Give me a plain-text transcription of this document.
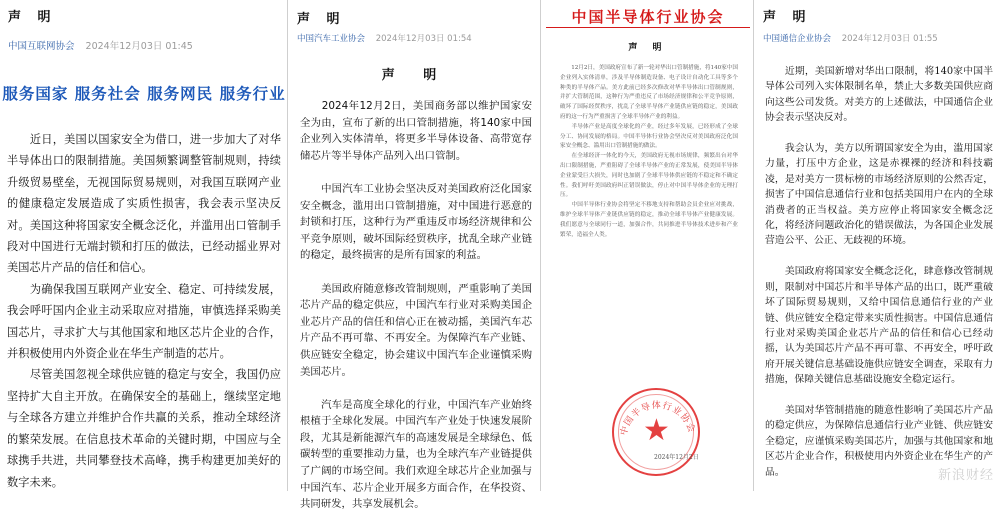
声 明
中国互联网协会 2024年12月03日 01:45
服务国家 服务社会 服务网民 服务行业
　　近日，美国以国家安全为借口，进一步加大了对华半导体出口的限制措施。美国频繁调整管制规则，持续升级贸易壁垒，无视国际贸易规则，对我国互联网产业的健康稳定发展造成了实质性损害，我会表示坚决反对。美国这种将国家安全概念泛化，并滥用出口管制手段对中国进行无端封锁和打压的做法，已经动摇业界对美国芯片产品的信任和信心。
　　为确保我国互联网产业安全、稳定、可持续发展，我会呼吁国内企业主动采取应对措施，审慎选择采购美国芯片，寻求扩大与其他国家和地区芯片企业的合作，并积极使用内外资企业在华生产制造的芯片。
　　尽管美国忽视全球供应链的稳定与安全，我国仍应坚持扩大自主开放。在确保安全的基础上，继续坚定地与全球各方建立并维护合作共赢的关系，推动全球经济的繁荣发展。在信息技术革命的关键时期，中国应与全球携手共进，共同攀登技术高峰，携手构建更加美好的数字未来。
声 明
中国汽车工业协会 2024年12月03日 01:54
声 明
　　2024年12月2日，美国商务部以维护国家安全为由，宣布了新的出口管制措施，将140家中国企业列入实体清单，将更多半导体设备、高带宽存储芯片等半导体产品列入出口管制。

　　中国汽车工业协会坚决反对美国政府泛化国家安全概念，滥用出口管制措施，对中国进行恶意的封锁和打压，这种行为严重违反市场经济规律和公平竞争原则，破坏国际经贸秩序，扰乱全球产业链的稳定，最终损害的是所有国家的利益。

　　美国政府随意修改管制规则，严重影响了美国芯片产品的稳定供应，中国汽车行业对采购美国企业芯片产品的信任和信心正在被动摇，美国汽车芯片产品不再可靠、不再安全。为保障汽车产业链、供应链安全稳定，协会建议中国汽车企业谨慎采购美国芯片。

　　汽车是高度全球化的行业，中国汽车产业始终根植于全球化发展。中国汽车产业处于快速发展阶段，尤其是新能源汽车的高速发展是全球绿色、低碳转型的重要推动力量，也为全球汽车产业链提供了广阔的市场空间。我们欢迎全球芯片企业加强与中国汽车、芯片企业开展多方面合作，在华投资、共同研发，共享发展机会。
中国半导体行业协会
声 明
　　12月2日，美国政府宣布了新一轮对华出口管制措施，将140家中国企业列入实体清单，涉及半导体制造设备、电子设计自动化工具等多个种类的半导体产品。美方此前已经多次修改对华半导体出口管制规则，并扩大管制范围，这种行为严重违反了市场经济规律和公平竞争原则，破坏了国际经贸秩序，扰乱了全球半导体产业链供应链的稳定，美国政府的这一行为严重损害了全球半导体产业的利益。
　　半导体产业是高度全球化的产业，经过多年发展，已经形成了全球分工、协同发展的格局。中国半导体行业协会坚决反对美国政府泛化国家安全概念、滥用出口管制措施的做法。
　　在全球经济一体化的今天，美国政府无视市场规律，频繁出台对华出口限制措施，严重阻碍了全球半导体产业的正常发展，使美国半导体企业蒙受巨大损失，同时也加剧了全球半导体供应链的不稳定和不确定性。我们呼吁美国政府纠正错误做法，停止对中国半导体企业的无理打压。
　　中国半导体行业协会将坚定不移地支持和帮助会员企业应对挑战，维护全球半导体产业链供应链的稳定，推动全球半导体产业健康发展。我们愿意与全球同行一道，加强合作，共同推进半导体技术进步和产业繁荣，造福全人类。
中国半导体行业协会
★
2024年12月2日
声 明
中国通信企业协会 2024年12月03日 01:55
　　近期，美国新增对华出口限制，将140家中国半导体公司列入实体限制名单，禁止大多数美国供应商向这些公司发货。对美方的上述做法，中国通信企业协会表示坚决反对。

　　我会认为，美方以所谓国家安全为由，滥用国家力量，打压中方企业，这是赤裸裸的经济和科技霸凌，是对美方一贯标榜的市场经济原则的公然否定，损害了中国信息通信行业和包括美国用户在内的全球消费者的正当权益。美方应停止将国家安全概念泛化，将经济问题政治化的错误做法，为各国企业发展营造公平、公正、无歧视的环境。

　　美国政府将国家安全概念泛化，肆意修改管制规则，限制对中国芯片和半导体产品的出口，既严重破坏了国际贸易规则，又给中国信息通信行业的产业链、供应链安全稳定带来实质性损害。中国信息通信行业对采购美国企业芯片产品的信任和信心已经动摇，认为美国芯片产品不再可靠、不再安全，呼吁政府开展关键信息基础设施供应链安全调查，采取有力措施，保障关键信息基础设施安全稳定运行。

　　美国对华管制措施的随意性影响了美国芯片产品的稳定供应，为保障信息通信行业产业链、供应链安全稳定，应谨慎采购美国芯片，加强与其他国家和地区芯片企业合作，积极使用内外资企业在华生产的产品。	新浪财经
